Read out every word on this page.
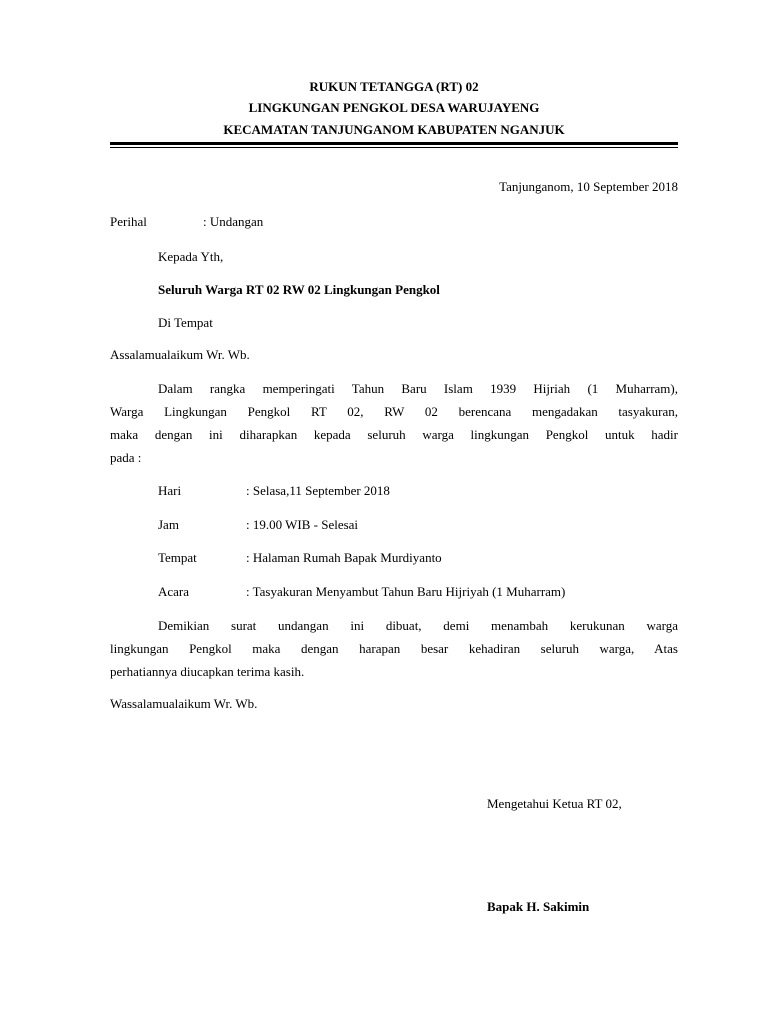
RUKUN TETANGGA (RT) 02
LINGKUNGAN PENGKOL DESA WARUJAYENG
KECAMATAN TANJUNGANOM KABUPATEN NGANJUK
Tanjunganom, 10 September 2018
Perihal	: Undangan
Kepada Yth,
Seluruh Warga RT 02 RW 02 Lingkungan Pengkol
Di Tempat
Assalamualaikum Wr. Wb.
Dalam rangka memperingati Tahun Baru Islam 1939 Hijriah (1 Muharram),
Warga Lingkungan Pengkol RT 02, RW 02 berencana mengadakan tasyakuran,
maka dengan ini diharapkan kepada seluruh warga lingkungan Pengkol untuk hadir
pada :
Hari	: Selasa,11 September 2018
Jam	: 19.00 WIB - Selesai
Tempat	: Halaman Rumah Bapak Murdiyanto
Acara	: Tasyakuran Menyambut Tahun Baru Hijriyah (1 Muharram)
Demikian surat undangan ini dibuat, demi menambah kerukunan warga
lingkungan Pengkol maka dengan harapan besar kehadiran seluruh warga, Atas
perhatiannya diucapkan terima kasih.
Wassalamualaikum Wr. Wb.
Mengetahui Ketua RT 02,
Bapak H. Sakimin
